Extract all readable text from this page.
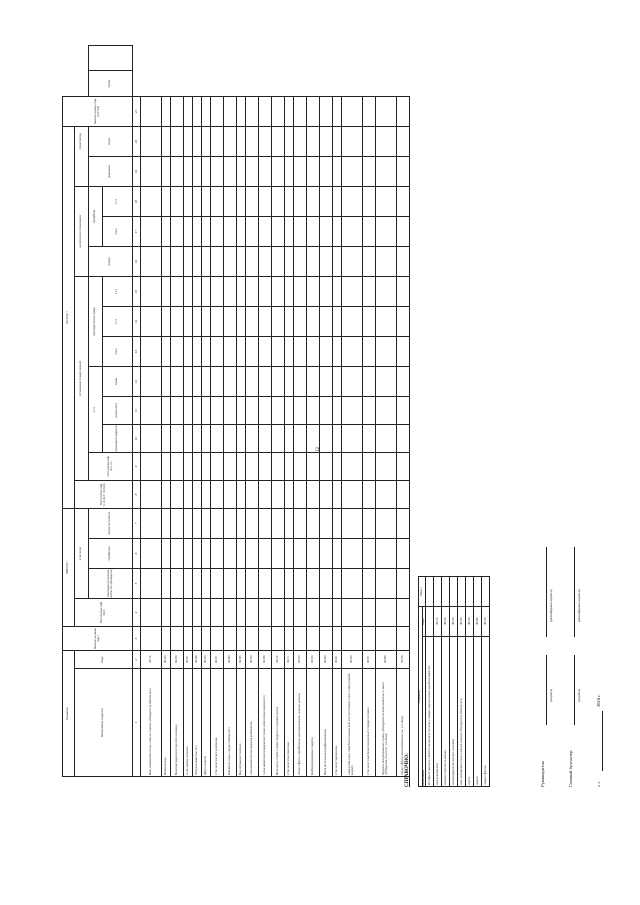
12
Показатель		Наличие на начало года, т	ПРИХОД, т				РАСХОД, т													Наличие на конец года (гр.3+4-8)		
Наименование продукции	Коды		Всего (сумма граф 5,6,7)	в том числе:			Всего (сумма граф 9,13,16,17, 18,19,20)	использовано по ряду операций							на внутреннее использование			прочий расход				
				произведено (за вычетом потерь при производстве)	приобретено	прочие поступления		всего (сумма граф 10,11,12)	в т.ч.			производственные нужды			возврат	переработка		реализация	потери		прочее	
									произведено продукции	на корм скоту	прочее	всего	в т.ч.	в т.ч.		всего	в т.ч.					
1	2	3	4	5	6	7	8	9	10	11	12	13	14	15	16	17	18	19	20	21		
Мясо, включая мясо птицы, и мясные пищевые субпродукты (в убойном весе)	162110																					
Молоко (сырое)	162120																					
Молочная продукция (в пересчете на молоко)	162130																					
из нее: молоко сгущенное	162131																					
Яйца всех видов (тыс. шт.)	162140																					
Шерсть немытая	162150																					
в том числе: мытая и извлеченная	162151																					
Кожевенное сырье и шкурки меховые (шт.)	162160																					
Мед натуральный пчелиный	162165																					
Сельскохозяйственная продукция (рыболовство)	162170																					
Сырье кожевенное (невыделанное) прочее, кроме шкурок меховых (шт.)	162180																					
Мука, крупы, отруби и прочие продукты из зерновых культур	162110																					
в том числе: мука пшеничная	162111																					
Овощи и фрукты переработанные (консервированные, сушеные, резаные)	163120																					
Комбикорма (кормовые продукты)	163130																					
Масло растительное (нерафинированное)	163140																					
в том числе: подсолнечное	163141																					
Сахар (сахар-сырец, сахар белый свекловичный или тростниковый, сироп и сахар кусковой, жидкий)	163150																					
в том числе: сахар белый свекловичный в твердом состоянии	163151																					
Продукты консервированные из мяса, субпродуктов или крови животных, из мяса и субпродуктов птицы (тыс. усл. банок)	163160																					
Овощи и фрукты консервированные (тыс. усл. банок)	163170																					
СПРАВОЧНО:
Показатель		Объем, т
Наименование	Коды	
Из графы 6: закуплено у хозяйств населения (в том числе у граждан, ведущих личное подсобное хозяйство)		
мяса (в живом весе)	169110	
молока (в пересчете на молоко)	169120	
молокопродуктов (в пересчете на молоко)	169130	
мяса, включая мясо птицы, и мясных пищевых субпродуктов (в убойном весе)	169140	
шерсти	169150	
овощей	169160	
плодов и фруктов	169170	
Руководитель
(подпись)
(расшифровка подписи)
Главный бухгалтер
(подпись)
(расшифровка подписи)
« »
2018 г.
